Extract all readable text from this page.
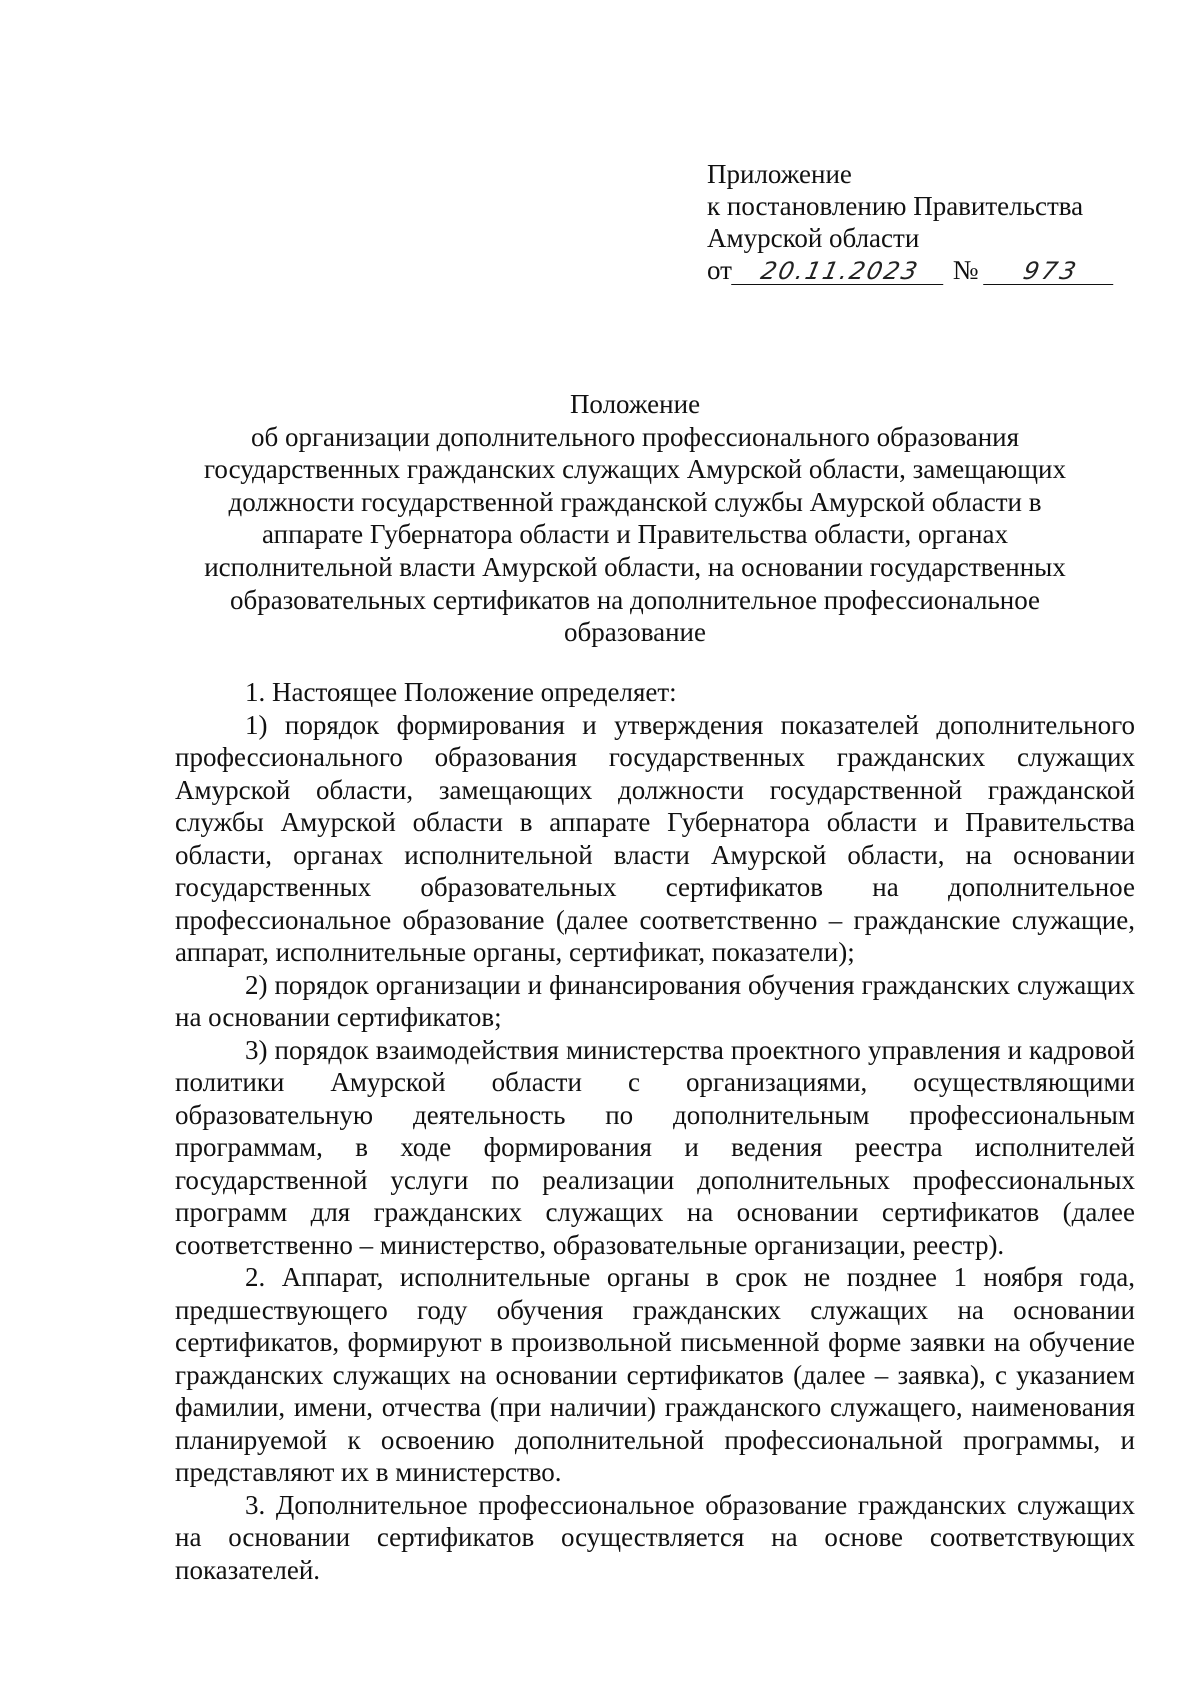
Приложение
к постановлению Правительства
Амурской области
от 20.11.2023 № 973
Положение
об организации дополнительного профессионального образования
государственных гражданских служащих Амурской области, замещающих
должности государственной гражданской службы Амурской области в
аппарате Губернатора области и Правительства области, органах
исполнительной власти Амурской области, на основании государственных
образовательных сертификатов на дополнительное профессиональное
образование

1. Настоящее Положение определяет:

1) порядок формирования и утверждения показателей дополнительного профессионального образования государственных гражданских служащих Амурской области, замещающих должности государственной гражданской службы Амурской области в аппарате Губернатора области и Правительства области, органах исполнительной власти Амурской области, на основании государственных образовательных сертификатов на дополнительное профессиональное образование (далее соответственно – гражданские служащие, аппарат, исполнительные органы, сертификат, показатели);

2) порядок организации и финансирования обучения гражданских служащих на основании сертификатов;

3) порядок взаимодействия министерства проектного управления и кадровой политики Амурской области с организациями, осуществляющими образовательную деятельность по дополнительным профессиональным программам, в ходе формирования и ведения реестра исполнителей государственной услуги по реализации дополнительных профессиональных программ для гражданских служащих на основании сертификатов (далее соответственно – министерство, образовательные организации, реестр).

2. Аппарат, исполнительные органы в срок не позднее 1 ноября года, предшествующего году обучения гражданских служащих на основании сертификатов, формируют в произвольной письменной форме заявки на обучение гражданских служащих на основании сертификатов (далее – заявка), с указанием фамилии, имени, отчества (при наличии) гражданского служащего, наименования планируемой к освоению дополнительной профессиональной программы, и представляют их в министерство.

3. Дополнительное профессиональное образование гражданских служащих на основании сертификатов осуществляется на основе соответствующих показателей.
